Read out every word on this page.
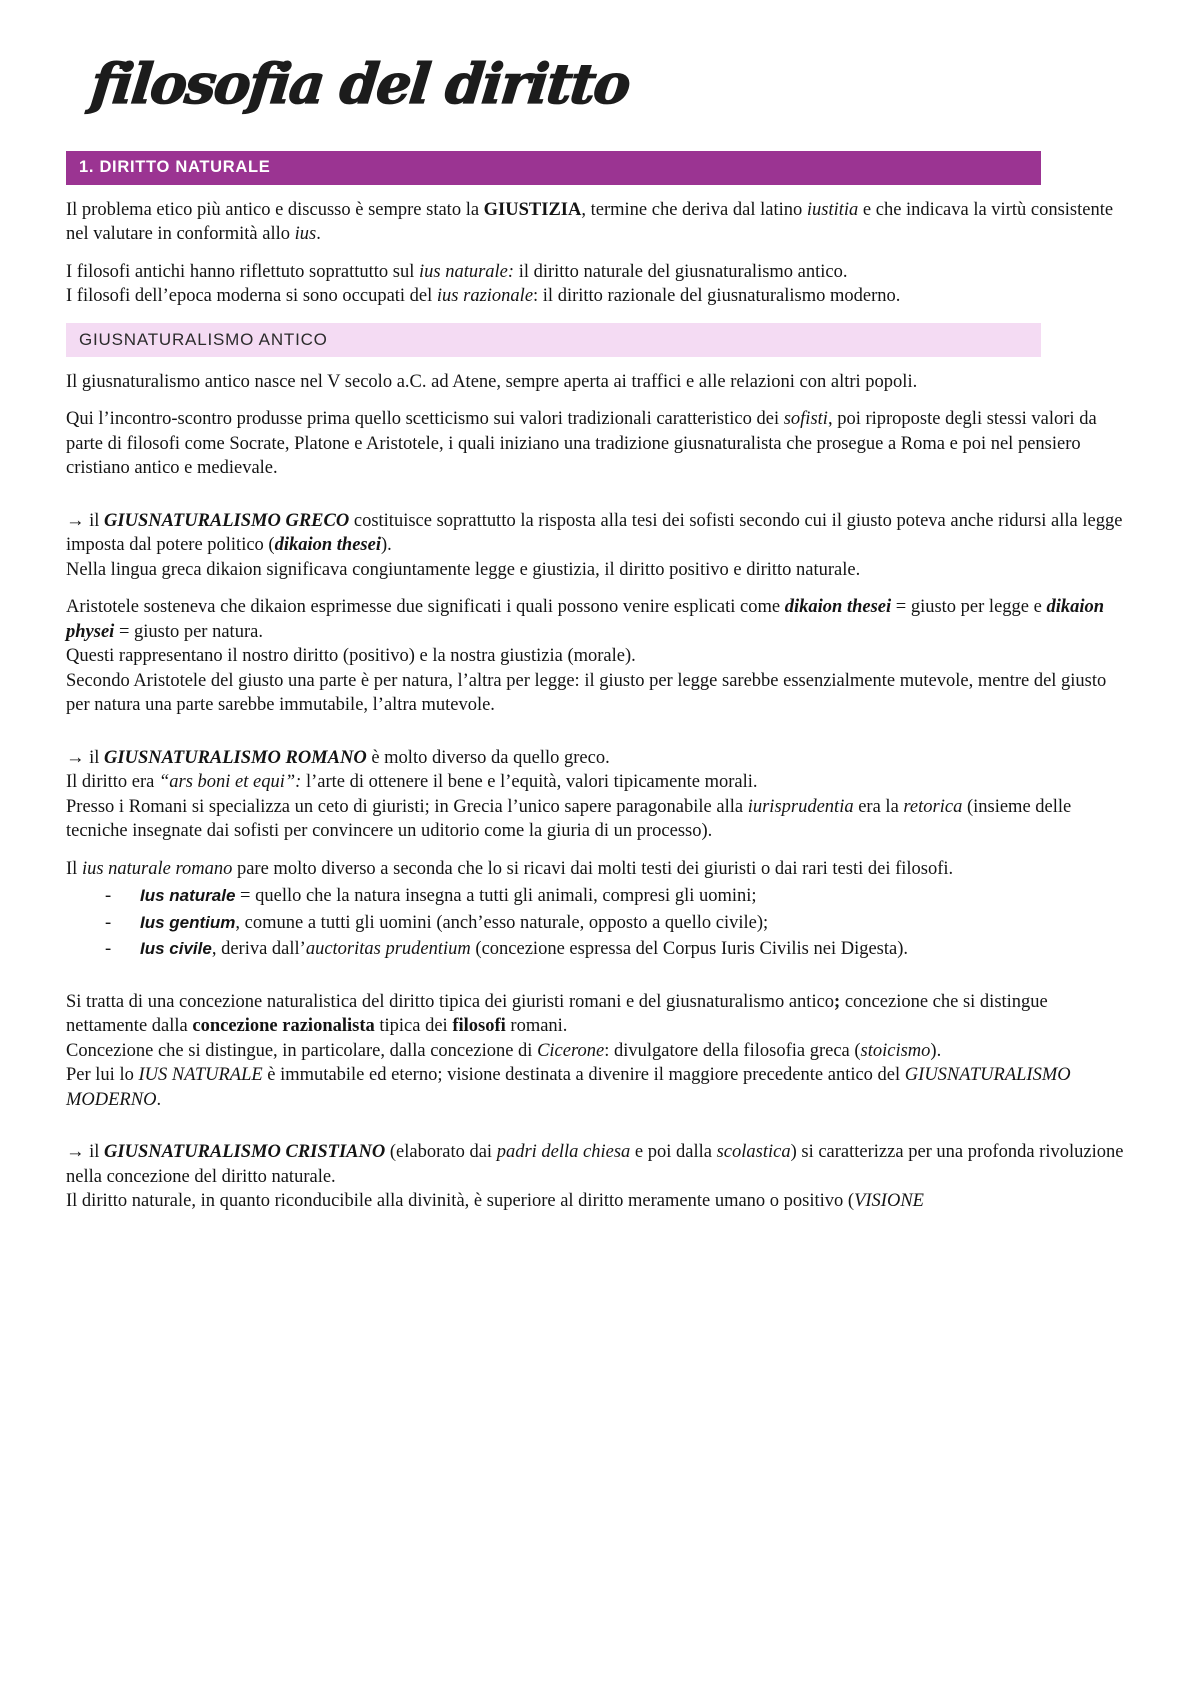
filosofia del diritto
1. DIRITTO NATURALE

Il problema etico più antico e discusso è sempre stato la GIUSTIZIA, termine che deriva dal latino iustitia e che indicava la virtù consistente nel valutare in conformità allo ius.

I filosofi antichi hanno riflettuto soprattutto sul ius naturale: il diritto naturale del giusnaturalismo antico.
I filosofi dell’epoca moderna si sono occupati del ius razionale: il diritto razionale del giusnaturalismo moderno.

GIUSNATURALISMO ANTICO

Il giusnaturalismo antico nasce nel V secolo a.C. ad Atene, sempre aperta ai traffici e alle relazioni con altri popoli.

Qui l’incontro-scontro produsse prima quello scetticismo sui valori tradizionali caratteristico dei sofisti, poi riproposte degli stessi valori da parte di filosofi come Socrate, Platone e Aristotele, i quali iniziano una tradizione giusnaturalista che prosegue a Roma e poi nel pensiero cristiano antico e medievale.

→ il GIUSNATURALISMO GRECO costituisce soprattutto la risposta alla tesi dei sofisti secondo cui il giusto poteva anche ridursi alla legge imposta dal potere politico (dikaion thesei).
Nella lingua greca dikaion significava congiuntamente legge e giustizia, il diritto positivo e diritto naturale.

Aristotele sosteneva che dikaion esprimesse due significati i quali possono venire esplicati come dikaion thesei = giusto per legge e dikaion physei = giusto per natura.
Questi rappresentano il nostro diritto (positivo) e la nostra giustizia (morale).
Secondo Aristotele del giusto una parte è per natura, l’altra per legge: il giusto per legge sarebbe essenzialmente mutevole, mentre del giusto per natura una parte sarebbe immutabile, l’altra mutevole.

→ il GIUSNATURALISMO ROMANO è molto diverso da quello greco.
Il diritto era “ars boni et equi”: l’arte di ottenere il bene e l’equità, valori tipicamente morali.
Presso i Romani si specializza un ceto di giuristi; in Grecia l’unico sapere paragonabile alla iurisprudentia era la retorica (insieme delle tecniche insegnate dai sofisti per convincere un uditorio come la giuria di un processo).

Il ius naturale romano pare molto diverso a seconda che lo si ricavi dai molti testi dei giuristi o dai rari testi dei filosofi.

-	Ius naturale = quello che la natura insegna a tutti gli animali, compresi gli uomini;
-	Ius gentium, comune a tutti gli uomini (anch’esso naturale, opposto a quello civile);
-	Ius civile, deriva dall’auctoritas prudentium (concezione espressa del Corpus Iuris Civilis nei Digesta).

Si tratta di una concezione naturalistica del diritto tipica dei giuristi romani e del giusnaturalismo antico; concezione che si distingue nettamente dalla concezione razionalista tipica dei filosofi romani.
Concezione che si distingue, in particolare, dalla concezione di Cicerone: divulgatore della filosofia greca (stoicismo).
Per lui lo IUS NATURALE è immutabile ed eterno; visione destinata a divenire il maggiore precedente antico del GIUSNATURALISMO MODERNO.

→ il GIUSNATURALISMO CRISTIANO (elaborato dai padri della chiesa e poi dalla scolastica) si caratterizza per una profonda rivoluzione nella concezione del diritto naturale.
Il diritto naturale, in quanto riconducibile alla divinità, è superiore al diritto meramente umano o positivo (VISIONE
